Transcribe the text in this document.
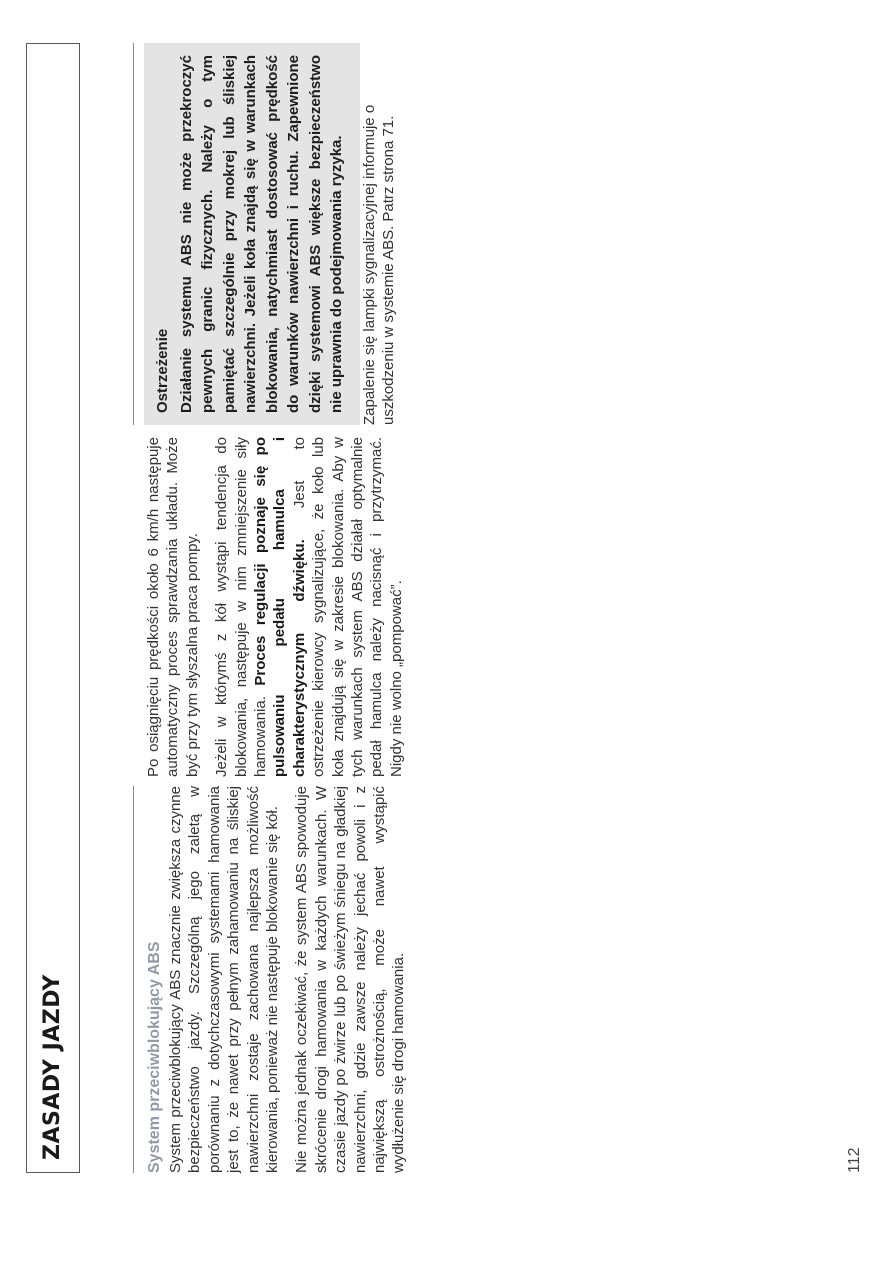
ZASADY JAZDY	System przeciwblokujący ABS System przeciwblokujący ABS znacznie zwiększa czynne bezpieczeństwo jazdy. Szczególną jego zaletą w porównaniu z dotychczasowymi systemami hamowania jest to, że nawet przy pełnym zahamowaniu na śliskiej nawierzchni zostaje zachowana najlepsza możliwość kierowania, ponieważ nie następuje blokowanie się kół. Nie można jednak oczekiwać, że system ABS spowoduje skrócenie drogi hamowania w każdych warunkach. W czasie jazdy po żwirze lub po świeżym śniegu na gładkiej nawierzchni, gdzie zawsze należy jechać powoli i z największą ostrożnością, może nawet wystąpić wydłużenie się drogi hamowania.

Po osiągnięciu prędkości około 6 km/h następuje automatyczny proces sprawdzania układu. Może być przy tym słyszalna praca pompy. Jeżeli w którymś z kół wystąpi tendencja do blokowania, następuje w nim zmniejszenie siły hamowania. Proces regulacji poznaje się po pulsowaniu pedału hamulca i charakterystycznym dźwięku. Jest to ostrzeżenie kierowcy sygnalizujące, że koło lub koła znajdują się w zakresie blokowania. Aby w tych warunkach system ABS działał optymalnie pedał hamulca należy nacisnąć i przytrzymać. Nigdy nie wolno „pompować”.

Ostrzeżenie Działanie systemu ABS nie może przekroczyć pewnych granic fizycznych. Należy o tym pamiętać szczególnie przy mokrej lub śliskiej nawierzchni. Jeżeli koła znajdą się w warunkach blokowania, natychmiast dostosować prędkość do warunków nawierzchni i ruchu. Zapewnione dzięki systemowi ABS większe bezpieczeństwo nie uprawnia do podejmowania ryzyka. Zapalenie się lampki sygnalizacyjnej informuje o uszkodzeniu w systemie ABS. Patrz strona 71.

112
